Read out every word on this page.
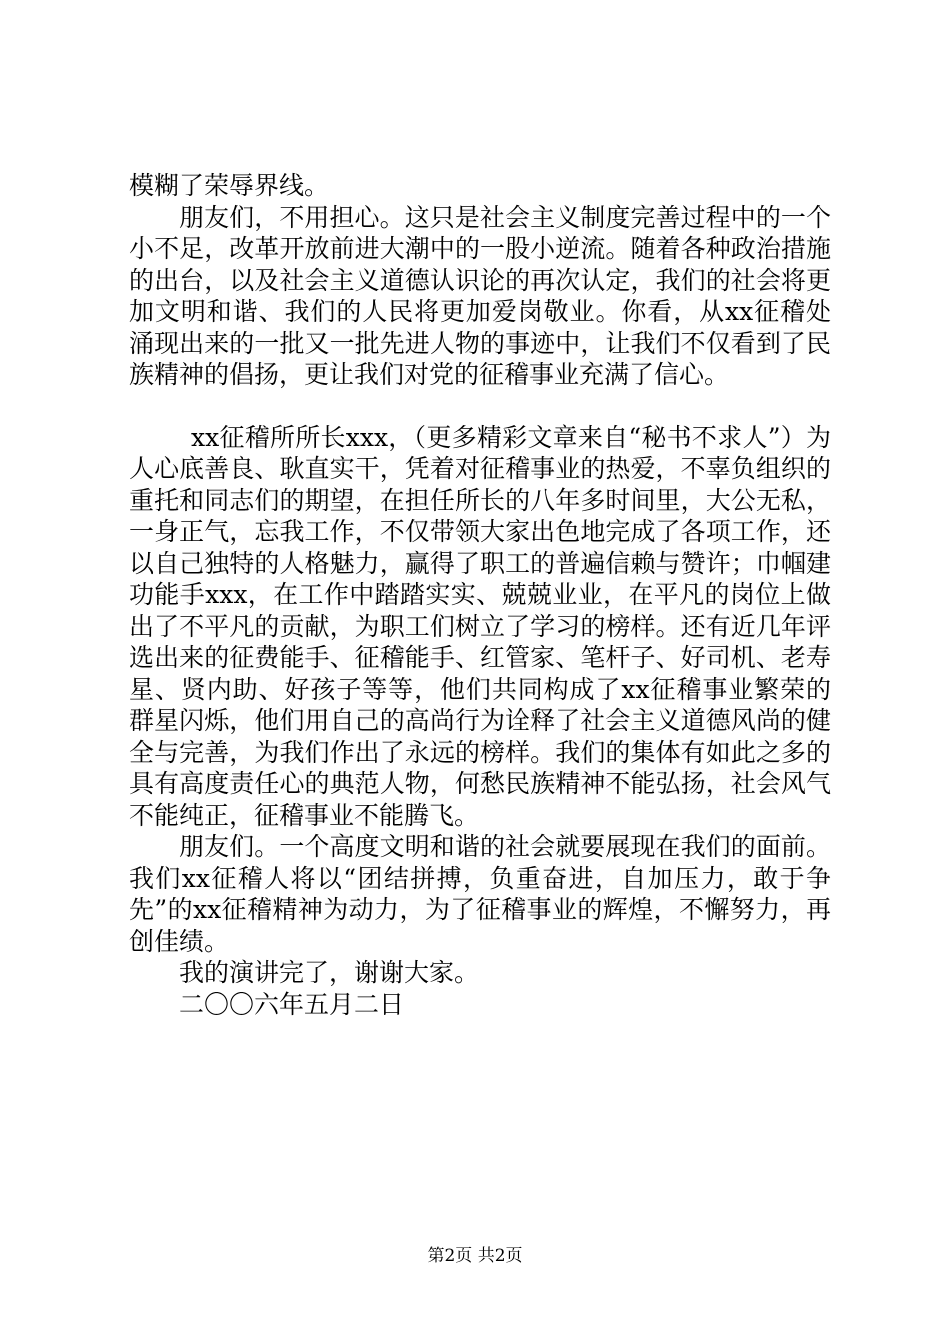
模糊了荣辱界线。

朋友们，不用担心。这只是社会主义制度完善过程中的一个小不足，改革开放前进大潮中的一股小逆流。随着各种政治措施的出台，以及社会主义道德认识论的再次认定，我们的社会将更加文明和谐、我们的人民将更加爱岗敬业。你看，从xx征稽处涌现出来的一批又一批先进人物的事迹中，让我们不仅看到了民族精神的倡扬，更让我们对党的征稽事业充满了信心。

xx征稽所所长xxx，（更多精彩文章来自“秘书不求人”）为人心底善良、耿直实干，凭着对征稽事业的热爱，不辜负组织的重托和同志们的期望，在担任所长的八年多时间里，大公无私，一身正气，忘我工作，不仅带领大家出色地完成了各项工作，还以自己独特的人格魅力，赢得了职工的普遍信赖与赞许；巾帼建功能手xxx，在工作中踏踏实实、兢兢业业，在平凡的岗位上做出了不平凡的贡献，为职工们树立了学习的榜样。还有近几年评选出来的征费能手、征稽能手、红管家、笔杆子、好司机、老寿星、贤内助、好孩子等等，他们共同构成了xx征稽事业繁荣的群星闪烁，他们用自己的高尚行为诠释了社会主义道德风尚的健全与完善，为我们作出了永远的榜样。我们的集体有如此之多的具有高度责任心的典范人物，何愁民族精神不能弘扬，社会风气不能纯正，征稽事业不能腾飞。

朋友们。一个高度文明和谐的社会就要展现在我们的面前。我们xx征稽人将以“团结拼搏，负重奋进，自加压力，敢于争先”的xx征稽精神为动力，为了征稽事业的辉煌，不懈努力，再创佳绩。

我的演讲完了，谢谢大家。

二〇〇六年五月二日

第2页 共2页
